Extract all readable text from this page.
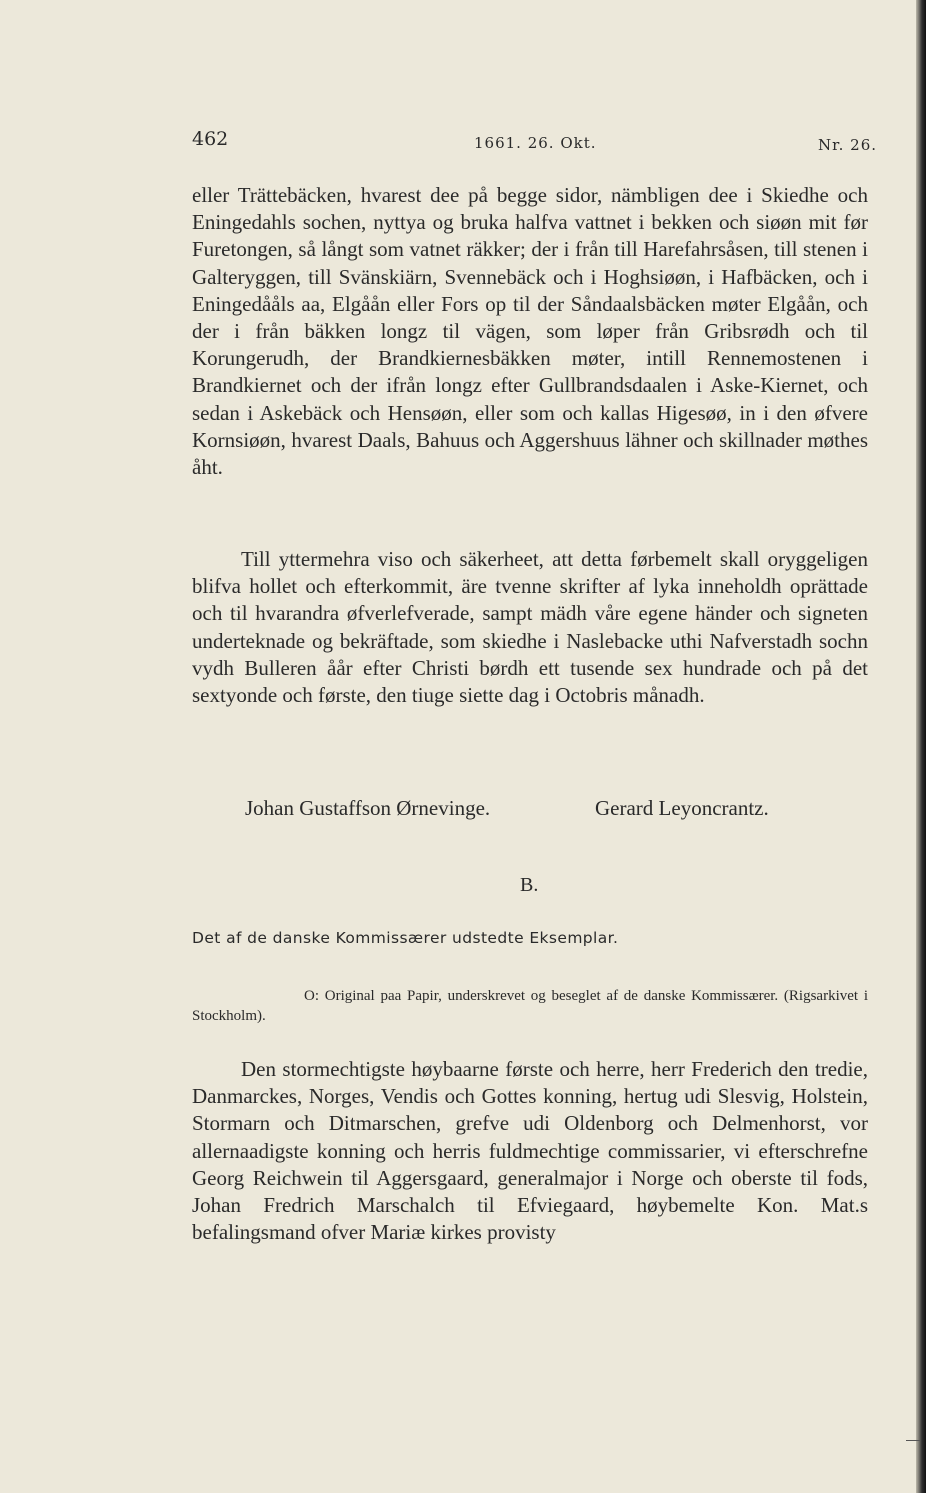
462	1661. 26. Okt.	Nr. 26.

eller Trättebäcken, hvarest dee på begge sidor, nämbligen dee i Skiedhe och Eningedahls sochen, nyttya og bruka halfva vattnet i bekken och siøøn mit før Furetongen, så långt som vatnet räkker; der i från till Harefahrsåsen, till stenen i Galteryggen, till Svänskiärn, Svennebäck och i Hoghsiøøn, i Hafbäcken, och i Eningedååls aa, Elgåån eller Fors op til der Såndaalsbäcken møter Elgåån, och der i från bäkken longz til vägen, som løper från Gribsrødh och til Korungerudh, der Brandkiernesbäkken møter, intill Rennemostenen i Brandkiernet och der ifrån longz efter Gullbrandsdaalen i Aske-Kiernet, och sedan i Askebäck och Hensøøn, eller som och kallas Higesøø, in i den øfvere Kornsiøøn, hvarest Daals, Bahuus och Aggershuus lähner och skillnader møthes åht.

Till yttermehra viso och säkerheet, att detta førbemelt skall oryggeligen blifva hollet och efterkommit, äre tvenne skrifter af lyka inneholdh oprättade och til hvarandra øfverlefverade, sampt mädh våre egene händer och signeten underteknade og bekräftade, som skiedhe i Naslebacke uthi Nafverstadh sochn vydh Bulleren åår efter Christi børdh ett tusende sex hundrade och på det sextyonde och første, den tiuge siette dag i Octobris månadh.

Johan Gustaffson Ørnevinge.	Gerard Leyoncrantz.
B.
Det af de danske Kommissærer udstedte Eksemplar.

O: Original paa Papir, underskrevet og beseglet af de danske Kommissærer. (Rigsarkivet i Stockholm).

Den stormechtigste høybaarne første och herre, herr Frederich den tredie, Danmarckes, Norges, Vendis och Gottes konning, hertug udi Slesvig, Holstein, Stormarn och Ditmarschen, grefve udi Oldenborg och Delmenhorst, vor allernaadigste konning och herris fuldmechtige commissarier, vi efterschrefne Georg Reichwein til Aggersgaard, generalmajor i Norge och oberste til fods, Johan Fredrich Marschalch til Efviegaard, høybemelte Kon. Mat.s befalingsmand ofver Mariæ kirkes provisty
